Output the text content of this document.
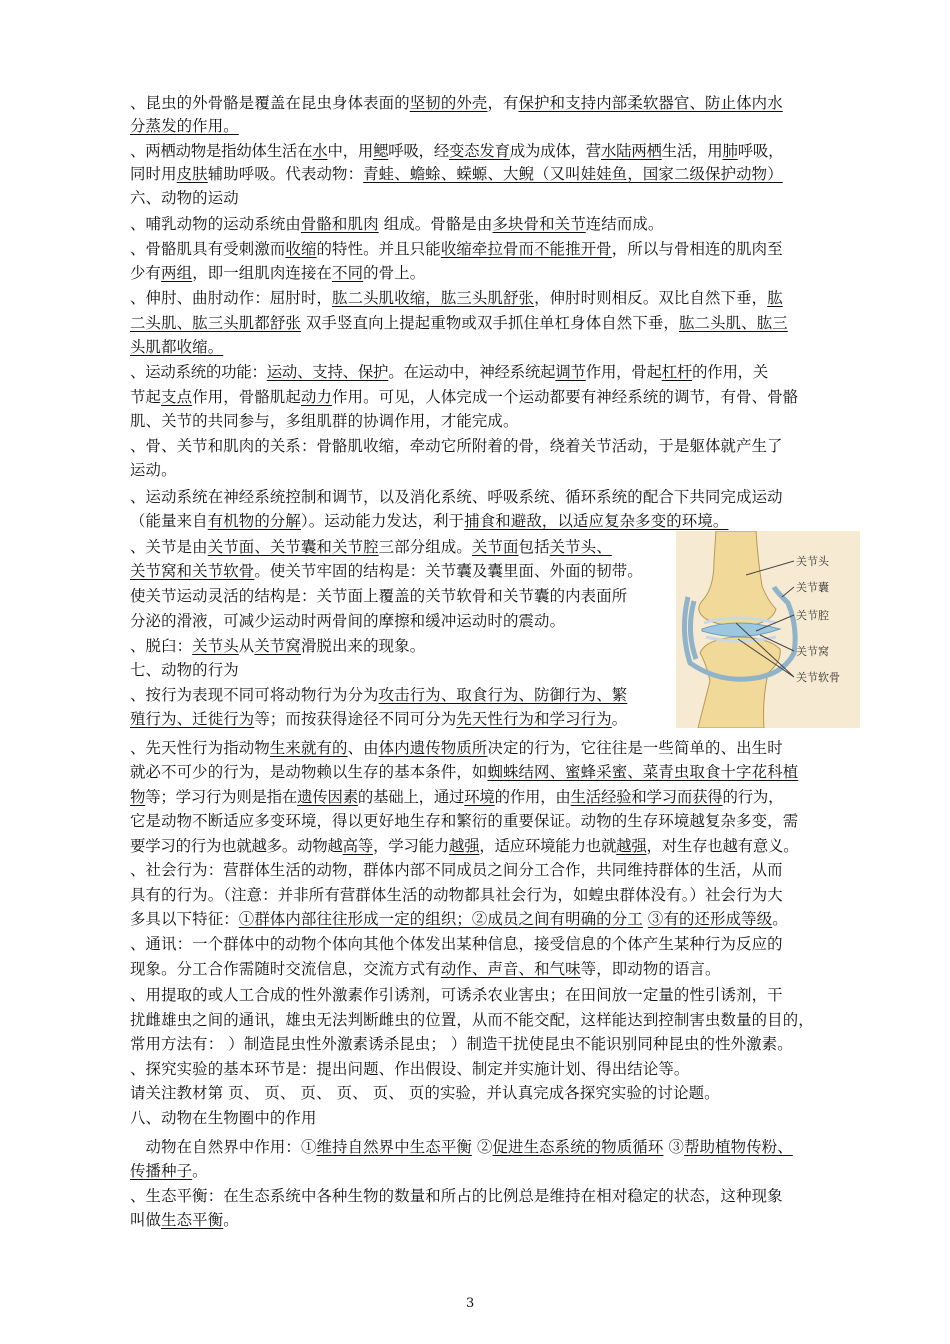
、昆虫的外骨骼是覆盖在昆虫身体表面的坚韧的外壳，有保护和支持内部柔软器官、防止体内水
分蒸发的作用。
、两栖动物是指幼体生活在水中，用鳃呼吸，经变态发育成为成体，营水陆两栖生活，用肺呼吸，
同时用皮肤辅助呼吸。代表动物：青蛙、蟾蜍、蝾螈、大鲵（又叫娃娃鱼，国家二级保护动物）
六、动物的运动
、哺乳动物的运动系统由骨骼和肌肉 组成。骨骼是由多块骨和关节连结而成。
、骨骼肌具有受刺激而收缩的特性。并且只能收缩牵拉骨而不能推开骨，所以与骨相连的肌肉至
少有两组，即一组肌肉连接在不同的骨上。
、伸肘、曲肘动作：屈肘时，肱二头肌收缩，肱三头肌舒张，伸肘时则相反。双比自然下垂，肱
二头肌、肱三头肌都舒张 双手竖直向上提起重物或双手抓住单杠身体自然下垂，肱二头肌、肱三
头肌都收缩。
、运动系统的功能：运动、支持、保护。在运动中，神经系统起调节作用，骨起杠杆的作用，关
节起支点作用，骨骼肌起动力作用。可见，人体完成一个运动都要有神经系统的调节，有骨、骨骼
肌、关节的共同参与，多组肌群的协调作用，才能完成。
、骨、关节和肌肉的关系：骨骼肌收缩，牵动它所附着的骨，绕着关节活动，于是躯体就产生了
运动。
、运动系统在神经系统控制和调节，以及消化系统、呼吸系统、循环系统的配合下共同完成运动
（能量来自有机物的分解）。运动能力发达，利于捕食和避敌，以适应复杂多变的环境。
、关节是由关节面、关节囊和关节腔三部分组成。关节面包括关节头、
关节窝和关节软骨。使关节牢固的结构是：关节囊及囊里面、外面的韧带。
使关节运动灵活的结构是：关节面上覆盖的关节软骨和关节囊的内表面所
分泌的滑液，可减少运动时两骨间的摩擦和缓冲运动时的震动。
、脱臼：关节头从关节窝滑脱出来的现象。
七、动物的行为
、按行为表现不同可将动物行为分为攻击行为、取食行为、防御行为、繁
殖行为、迁徙行为等；而按获得途径不同可分为先天性行为和学习行为。
、先天性行为指动物生来就有的、由体内遗传物质所决定的行为，它往往是一些简单的、出生时
就必不可少的行为，是动物赖以生存的基本条件，如蜘蛛结网、蜜蜂采蜜、菜青虫取食十字花科植
物等；学习行为则是指在遗传因素的基础上，通过环境的作用，由生活经验和学习而获得的行为，
它是动物不断适应多变环境，得以更好地生存和繁衍的重要保证。动物的生存环境越复杂多变，需
要学习的行为也就越多。动物越高等，学习能力越强，适应环境能力也就越强，对生存也越有意义。
、社会行为：营群体生活的动物，群体内部不同成员之间分工合作，共同维持群体的生活，从而
具有的行为。（注意：并非所有营群体生活的动物都具社会行为，如蝗虫群体没有。）社会行为大
多具以下特征：①群体内部往往形成一定的组织；②成员之间有明确的分工 ③有的还形成等级。
、通讯：一个群体中的动物个体向其他个体发出某种信息，接受信息的个体产生某种行为反应的
现象。分工合作需随时交流信息，交流方式有动作、声音、和气味等，即动物的语言。
、用提取的或人工合成的性外激素作引诱剂，可诱杀农业害虫；在田间放一定量的性引诱剂，干
扰雌雄虫之间的通讯，雄虫无法判断雌虫的位置，从而不能交配，这样能达到控制害虫数量的目的，
常用方法有： ）制造昆虫性外激素诱杀昆虫； ）制造干扰使昆虫不能识别同种昆虫的性外激素。
、探究实验的基本环节是：提出问题、作出假设、制定并实施计划、得出结论等。
请关注教材第 页、 页、 页、 页、 页、 页的实验，并认真完成各探究实验的讨论题。
八、动物在生物圈中的作用
　动物在自然界中作用：①维持自然界中生态平衡 ②促进生态系统的物质循环 ③帮助植物传粉、
传播种子。
、生态平衡：在生态系统中各种生物的数量和所占的比例总是维持在相对稳定的状态，这种现象
叫做生态平衡。
关节头
关节囊
关节腔
关节窝
关节软骨
3
